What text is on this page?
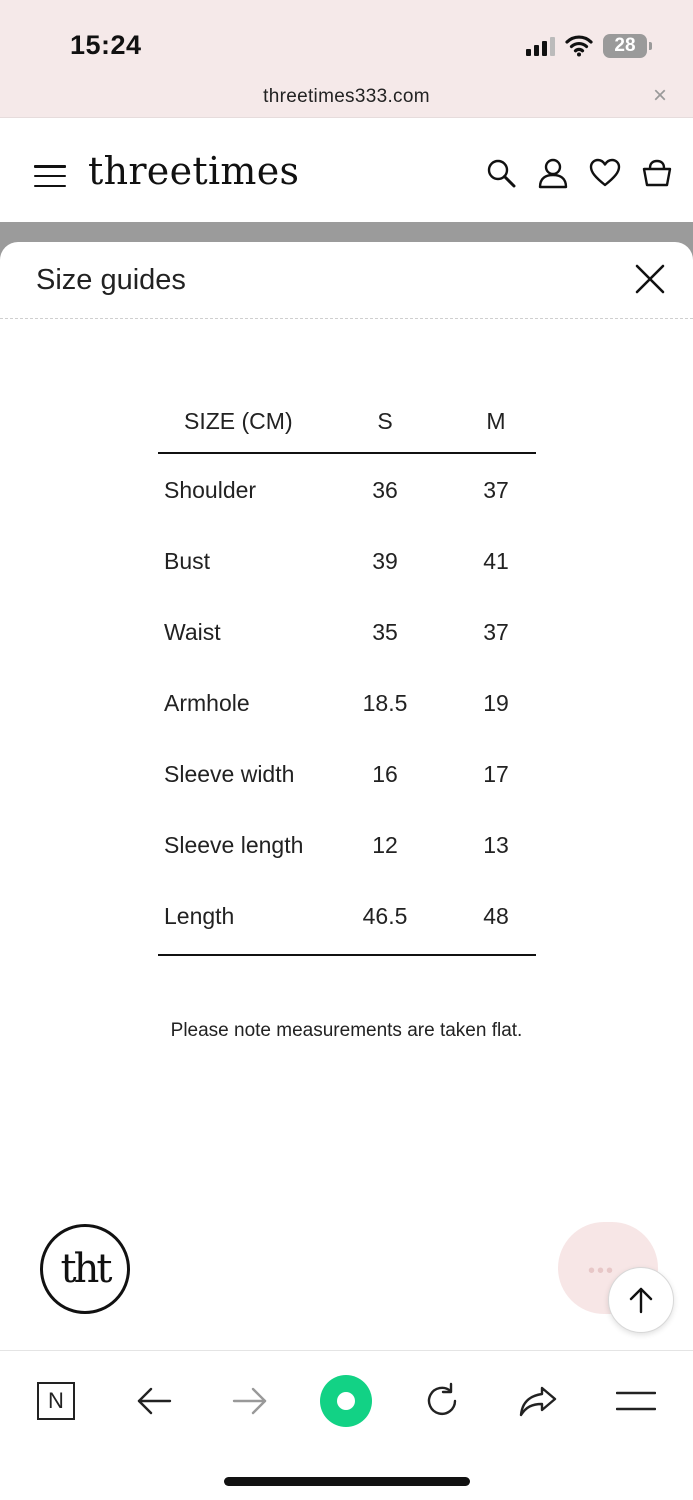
15:24	28
threetimes333.com	×
threetimes
Size guides
SIZE (CM)	S	M
Shoulder	36	37
Bust	39	41
Waist	35	37
Armhole	18.5	19
Sleeve width	16	17
Sleeve length	12	13
Length	46.5	48
Please note measurements are taken flat.
tht	•••
N
